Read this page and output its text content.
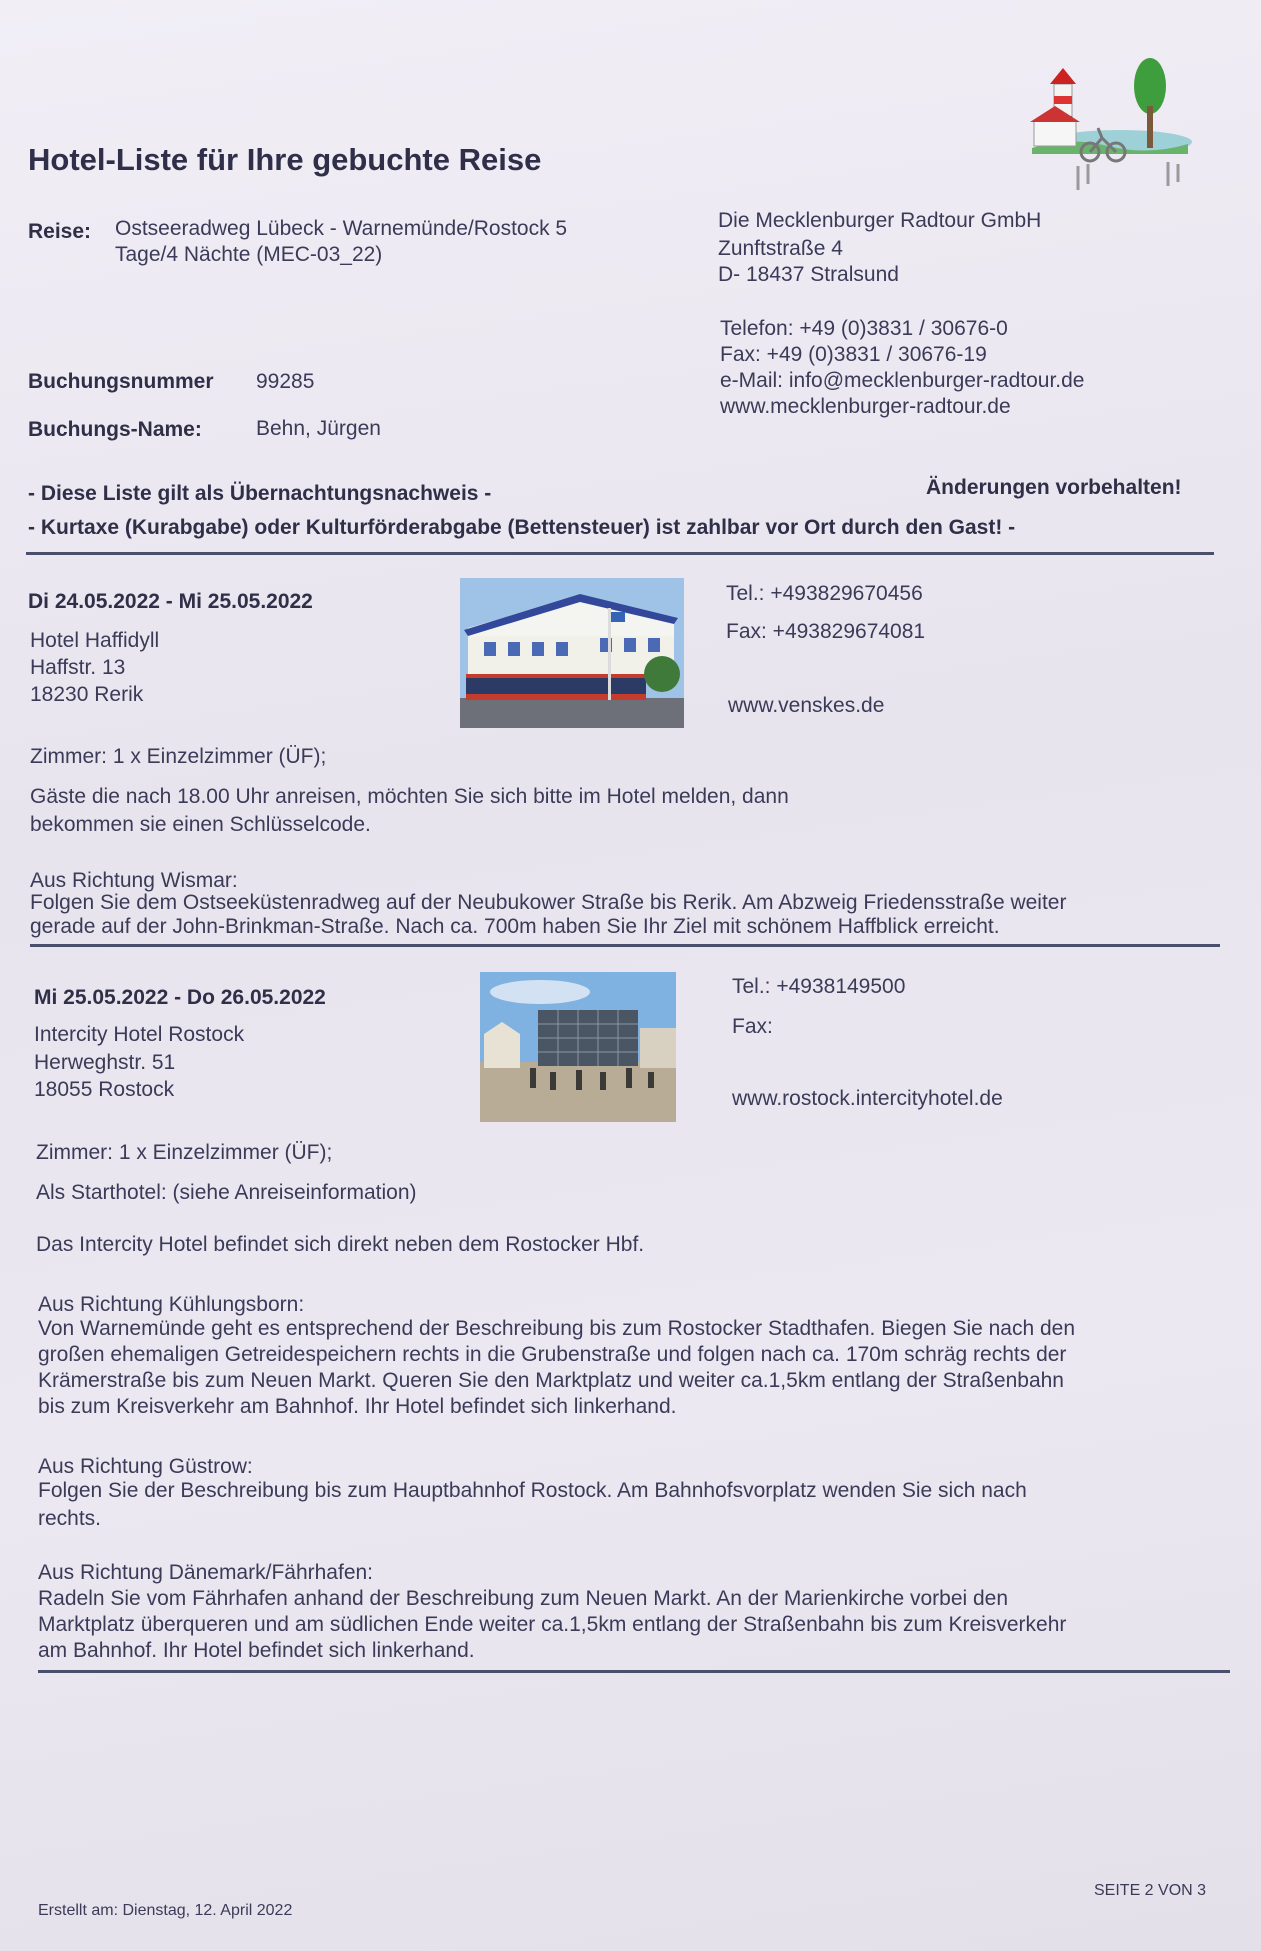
Hotel-Liste für Ihre gebuchte Reise
Reise: Ostseeradweg Lübeck - Warnemünde/Rostock 5
Tage/4 Nächte (MEC-03_22)
Die Mecklenburger Radtour GmbH
Zunftstraße 4
D- 18437 Stralsund
Telefon: +49 (0)3831 / 30676-0
Fax: +49 (0)3831 / 30676-19
e-Mail: info@mecklenburger-radtour.de
www.mecklenburger-radtour.de
Buchungsnummer 99285
Buchungs-Name:	Behn, Jürgen
- Diese Liste gilt als Übernachtungsnachweis -	Änderungen vorbehalten!
- Kurtaxe (Kurabgabe) oder Kulturförderabgabe (Bettensteuer) ist zahlbar vor Ort durch den Gast! -
Di 24.05.2022 - Mi 25.05.2022
Hotel Haffidyll
Haffstr. 13
18230 Rerik
Tel.: +493829670456
Fax: +493829674081
www.venskes.de
Zimmer: 1 x Einzelzimmer (ÜF);
Gäste die nach 18.00 Uhr anreisen, möchten Sie sich bitte im Hotel melden, dann
bekommen sie einen Schlüsselcode.
Aus Richtung Wismar:
Folgen Sie dem Ostseeküstenradweg auf der Neubukower Straße bis Rerik. Am Abzweig Friedensstraße weiter
gerade auf der John-Brinkman-Straße. Nach ca. 700m haben Sie Ihr Ziel mit schönem Haffblick erreicht.
Mi 25.05.2022 - Do 26.05.2022
Intercity Hotel Rostock
Herweghstr. 51
18055 Rostock
Tel.: +4938149500
Fax:
www.rostock.intercityhotel.de
Zimmer: 1 x Einzelzimmer (ÜF);
Als Starthotel: (siehe Anreiseinformation)
Das Intercity Hotel befindet sich direkt neben dem Rostocker Hbf.
Aus Richtung Kühlungsborn:
Von Warnemünde geht es entsprechend der Beschreibung bis zum Rostocker Stadthafen. Biegen Sie nach den
großen ehemaligen Getreidespeichern rechts in die Grubenstraße und folgen nach ca. 170m schräg rechts der
Krämerstraße bis zum Neuen Markt. Queren Sie den Marktplatz und weiter ca.1,5km entlang der Straßenbahn
bis zum Kreisverkehr am Bahnhof. Ihr Hotel befindet sich linkerhand.
Aus Richtung Güstrow:
Folgen Sie der Beschreibung bis zum Hauptbahnhof Rostock. Am Bahnhofsvorplatz wenden Sie sich nach
rechts.
Aus Richtung Dänemark/Fährhafen:
Radeln Sie vom Fährhafen anhand der Beschreibung zum Neuen Markt. An der Marienkirche vorbei den
Marktplatz überqueren und am südlichen Ende weiter ca.1,5km entlang der Straßenbahn bis zum Kreisverkehr
am Bahnhof. Ihr Hotel befindet sich linkerhand.
Erstellt am: Dienstag, 12. April 2022
SEITE 2 VON 3
